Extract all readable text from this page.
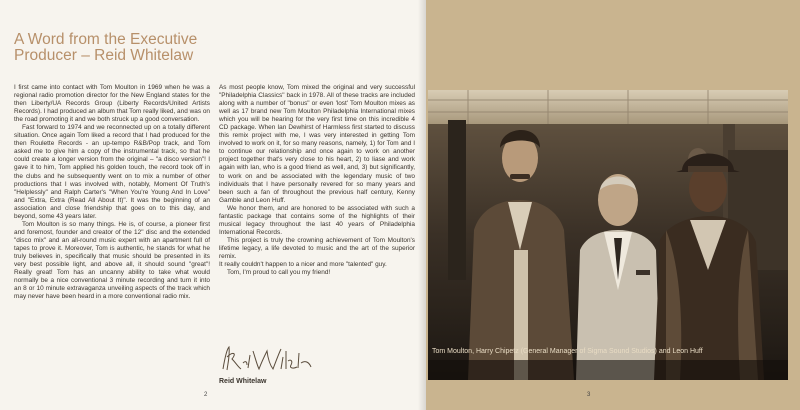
A Word from the Executive Producer – Reid Whitelaw

I first came into contact with Tom Moulton in 1969 when he was a regional radio promotion director for the New England states for the then Liberty/UA Records Group (Liberty Records/United Artists Records). I had produced an album that Tom really liked, and was on the road promoting it and we both struck up a good conversation.

Fast forward to 1974 and we reconnected up on a totally different situation. Once again Tom liked a record that I had produced for the then Roulette Records - an up-tempo R&B/Pop track, and Tom asked me to give him a copy of the instrumental track, so that he could create a longer version from the original – "a disco version"! I gave it to him, Tom applied his golden touch, the record took off in the clubs and he subsequently went on to mix a number of other productions that I was involved with, notably, Moment Of Truth's "Helplessly" and Ralph Carter's "When You're Young And In Love" and "Extra, Extra (Read All About It)". It was the beginning of an association and close friendship that goes on to this day, and beyond, some 43 years later.

Tom Moulton is so many things. He is, of course, a pioneer first and foremost, founder and creator of the 12" disc and the extended "disco mix" and an all-round music expert with an apartment full of tapes to prove it. Moreover, Tom is authentic, he stands for what he truly believes in, specifically that music should be presented in its very best possible light, and above all, it should sound "great"! Really great! Tom has an uncanny ability to take what would normally be a nice conventional 3 minute recording and turn it into an 8 or 10 minute extravaganza unveiling aspects of the track which may never have been heard in a more conventional radio mix.

As most people know, Tom mixed the original and very successful "Philadelphia Classics" back in 1978. All of these tracks are included along with a number of "bonus" or even 'lost' Tom Moulton mixes as well as 17 brand new Tom Moulton Philadelphia International mixes which you will be hearing for the very first time on this incredible 4 CD package. When Ian Dewhirst of Harmless first started to discuss this remix project with me, I was very interested in getting Tom involved to work on it, for so many reasons, namely, 1) for Tom and I to continue our relationship and once again to work on another project together that's very close to his heart, 2) to liase and work again with Ian, who is a good friend as well, and, 3) but significantly, to work on and be associated with the legendary music of two individuals that I have personally revered for so many years and been such a fan of throughout the previous half century, Kenny Gamble and Leon Huff.

We honor them, and are honored to be associated with such a fantastic package that contains some of the highlights of their musical legacy throughout the last 40 years of Philadelphia International Records.

This project is truly the crowning achievement of Tom Moulton's lifetime legacy, a life devoted to music and the art of the superior remix.

It really couldn't happen to a nicer and more "talented" guy.

Tom, I'm proud to call you my friend!

Reid Whitelaw
2
Tom Moulton, Harry Chipetz (General Manager of Sigma Sound Studios) and Leon Huff
3
